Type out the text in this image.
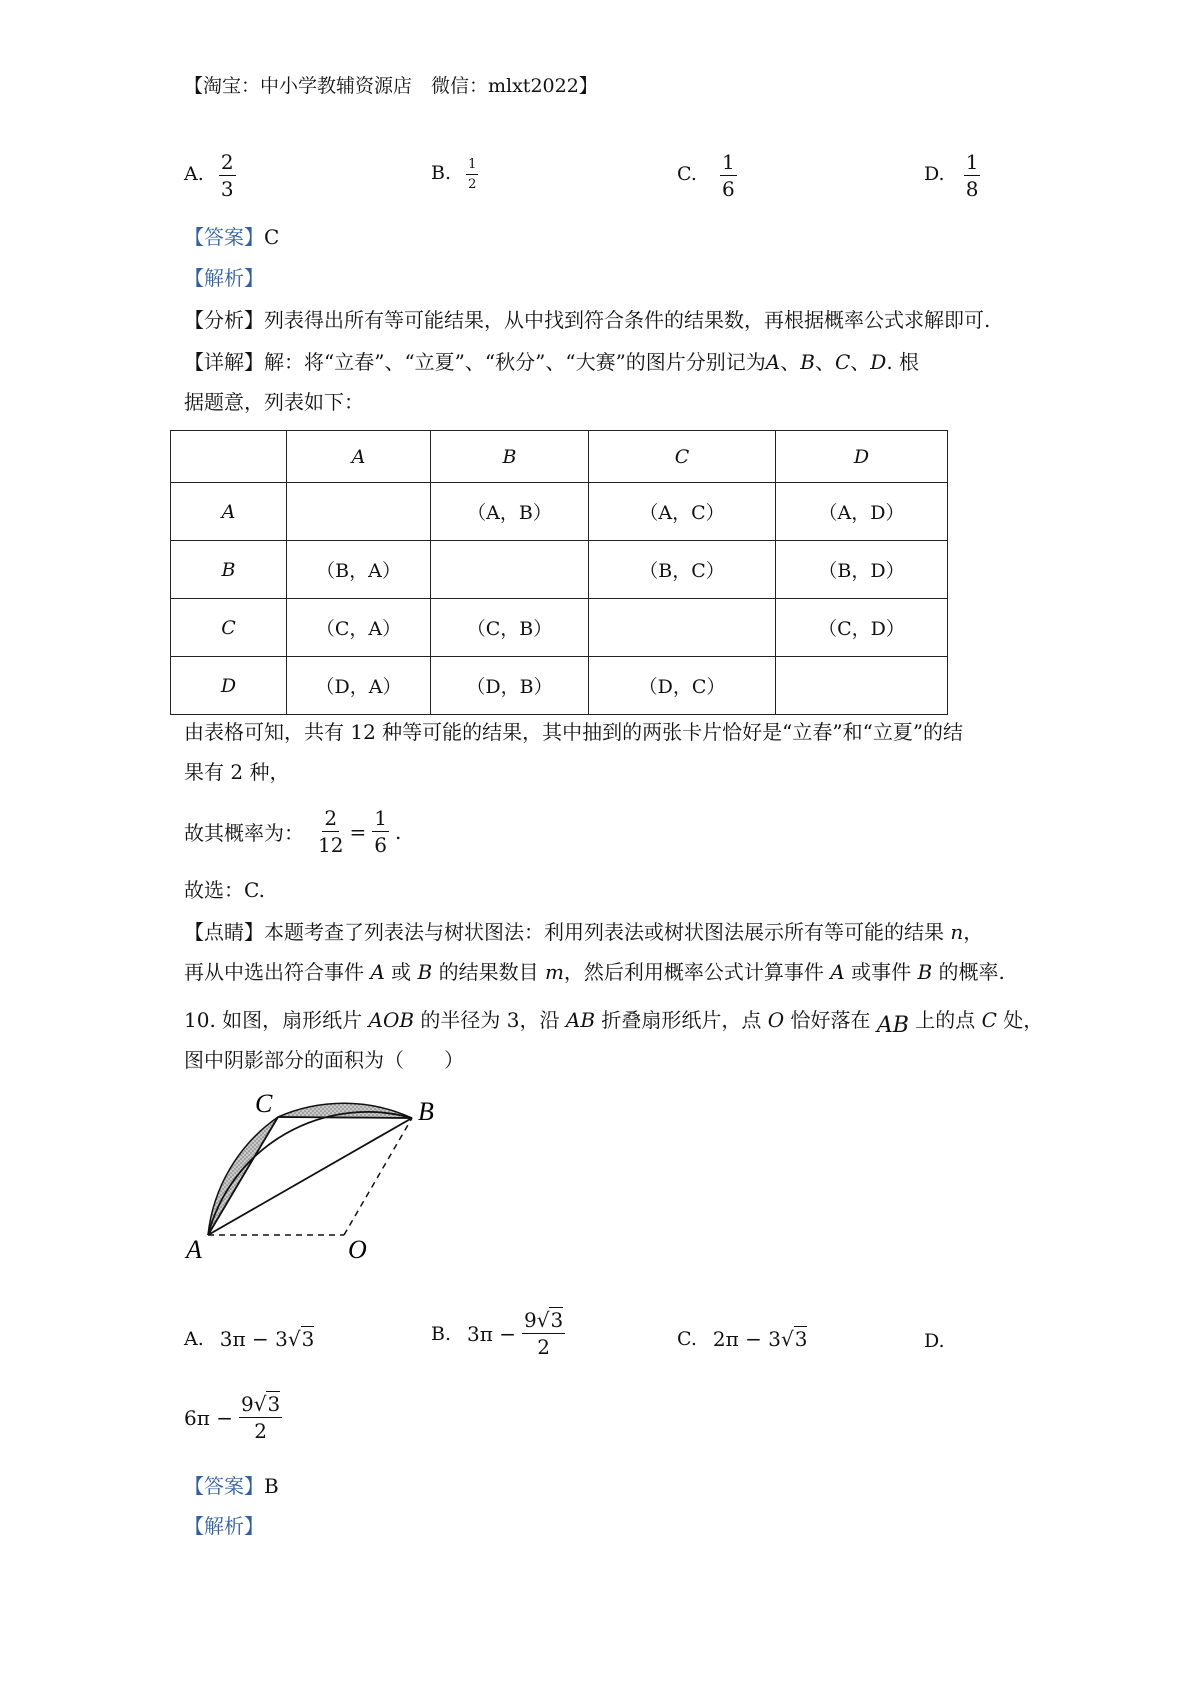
【淘宝：中小学教辅资源店　微信：mlxt2022】
A. $\frac{2}{3}$	B. $\frac{1}{2}$	C. $\frac{1}{6}$	D. $\frac{1}{8}$
【答案】C
【解析】
【分析】列表得出所有等可能结果，从中找到符合条件的结果数，再根据概率公式求解即可.
【详解】解：将“立春”、“立夏”、“秋分”、“大赛”的图片分别记为A、B、C、D. 根
据题意，列表如下：
	A	B	C	D
A		（A，B）	（A，C）	（A，D）
B	（B，A）		（B，C）	（B，D）
C	（C，A）	（C，B）		（C，D）
D	（D，A）	（D，B）	（D，C）	
由表格可知，共有 12 种等可能的结果，其中抽到的两张卡片恰好是“立春”和“立夏”的结
果有 2 种，
故其概率为： $\frac{2}{12} = \frac{1}{6}$ .
故选：C.
【点睛】本题考查了列表法与树状图法：利用列表法或树状图法展示所有等可能的结果 n，
再从中选出符合事件 A 或 B 的结果数目 m，然后利用概率公式计算事件 A 或事件 B 的概率.
10. 如图，扇形纸片 AOB 的半径为 3，沿 AB 折叠扇形纸片，点 O 恰好落在 AB 上的点 C 处，
图中阴影部分的面积为（　　）
C	B
A	O
A. 3π − 3 √ 3	B. $3\pi - \frac{9√3}{2}$	C. 2π − 3 √ 3	D.
$6\pi - \frac{9√3}{2}$
【答案】B
【解析】
